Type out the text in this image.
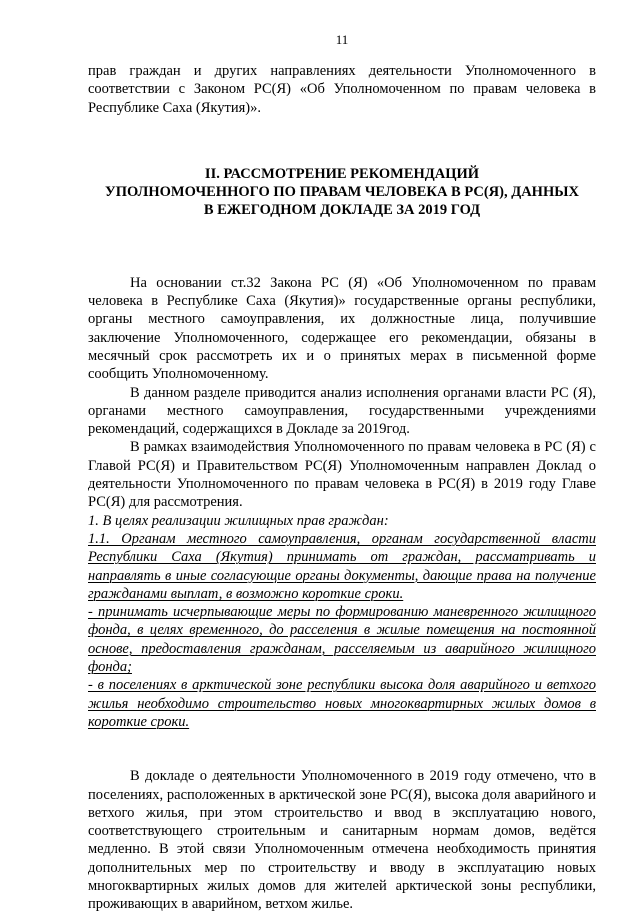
11

прав граждан и других направлениях деятельности Уполномоченного в соответствии с Законом РС(Я) «Об Уполномоченном по правам человека в Республике Саха (Якутия)».

II. РАССМОТРЕНИЕ РЕКОМЕНДАЦИЙ
УПОЛНОМОЧЕННОГО ПО ПРАВАМ ЧЕЛОВЕКА В РС(Я), ДАННЫХ
В ЕЖЕГОДНОМ ДОКЛАДЕ ЗА 2019 ГОД

На основании ст.32 Закона РС (Я) «Об Уполномоченном по правам человека в Республике Саха (Якутия)» государственные органы республики, органы местного самоуправления, их должностные лица, получившие заключение Уполномоченного, содержащее его рекомендации, обязаны в месячный срок рассмотреть их и о принятых мерах в письменной форме сообщить Уполномоченному.

В данном разделе приводится анализ исполнения органами власти РС (Я), органами местного самоуправления, государственными учреждениями рекомендаций, содержащихся в Докладе за 2019год.

В рамках взаимодействия Уполномоченного по правам человека в РС (Я) с Главой РС(Я) и Правительством РС(Я) Уполномоченным направлен Доклад о деятельности Уполномоченного по правам человека в РС(Я) в 2019 году Главе РС(Я) для рассмотрения.

1. В целях реализации жилищных прав граждан:

1.1. Органам местного самоуправления, органам государственной власти Республики Саха (Якутия) принимать от граждан, рассматривать и направлять в иные согласующие органы документы, дающие права на получение гражданами выплат, в возможно короткие сроки.

- принимать исчерпывающие меры по формированию маневренного жилищного фонда, в целях временного, до расселения в жилые помещения на постоянной основе, предоставления гражданам, расселяемым из аварийного жилищного фонда;

- в поселениях в арктической зоне республики высока доля аварийного и ветхого жилья необходимо строительство новых многоквартирных жилых домов в короткие сроки.

В докладе о деятельности Уполномоченного в 2019 году отмечено, что в поселениях, расположенных в арктической зоне РС(Я), высока доля аварийного и ветхого жилья, при этом строительство и ввод в эксплуатацию нового, соответствующего строительным и санитарным нормам домов, ведётся медленно. В этой связи Уполномоченным отмечена необходимость принятия дополнительных мер по строительству и вводу в эксплуатацию новых многоквартирных жилых домов для жителей арктической зоны республики, проживающих в аварийном, ветхом жилье.
